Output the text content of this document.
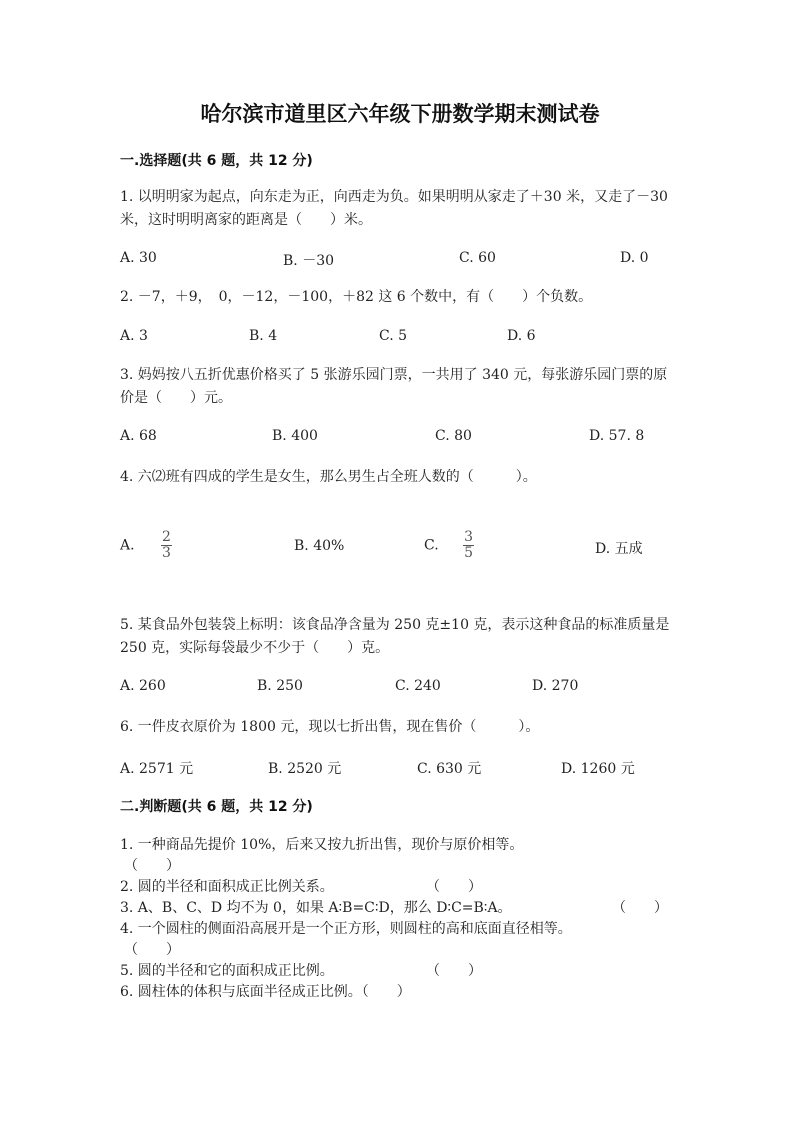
哈尔滨市道里区六年级下册数学期末测试卷
一.选择题(共 6 题，共 12 分)
1. 以明明家为起点，向东走为正，向西走为负。如果明明从家走了＋30 米，又走了－30 米，这时明明离家的距离是（　　）米。
A. 30	B. －30	C. 60	D. 0
2. －7，＋9，　0，－12，－100，＋82 这 6 个数中，有（　　）个负数。
A. 3	B. 4	C. 5	D. 6
3. 妈妈按八五折优惠价格买了 5 张游乐园门票，一共用了 340 元，每张游乐园门票的原价是（　　）元。
A. 68	B. 400	C. 80	D. 57. 8
4. 六⑵班有四成的学生是女生，那么男生占全班人数的（　　　）。
A. $\frac{2}{3}$	B. 40%	C. $\frac{3}{5}$	D. 五成
5. 某食品外包装袋上标明：该食品净含量为 250 克±10 克，表示这种食品的标准质量是 250 克，实际每袋最少不少于（　　）克。
A. 260	B. 250	C. 240	D. 270
6. 一件皮衣原价为 1800 元，现以七折出售，现在售价（　　　）。
A. 2571 元	B. 2520 元	C. 630 元	D. 1260 元
二.判断题(共 6 题，共 12 分)
1. 一种商品先提价 10%，后来又按九折出售，现价与原价相等。
（　　）
2. 圆的半径和面积成正比例关系。	（　　）
3. A、B、C、D 均不为 0，如果 A∶B=C∶D，那么 D∶C=B∶A。	（　　）
4. 一个圆柱的侧面沿高展开是一个正方形，则圆柱的高和底面直径相等。
（　　）
5. 圆的半径和它的面积成正比例。	（　　）
6. 圆柱体的体积与底面半径成正比例。（　　）
